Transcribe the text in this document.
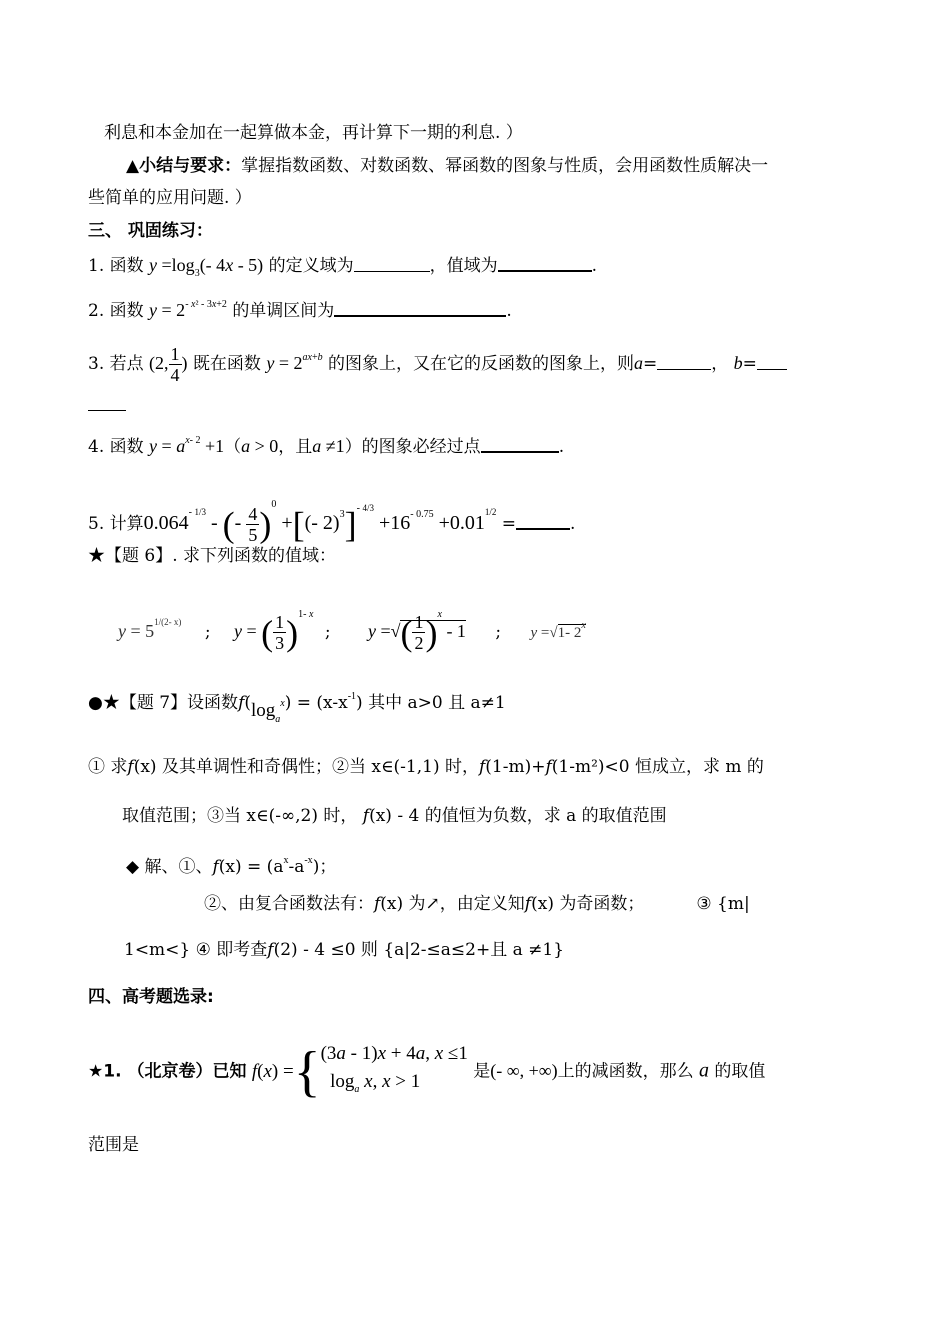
利息和本金加在一起算做本金，再计算下一期的利息. ）
▲小结与要求：掌握指数函数、对数函数、幂函数的图象与性质，会用函数性质解决一
些简单的应用问题. ）
三、 巩固练习：
1. 函数 $y =\log_3(-$ 4x - 5) 的定义域为	，值域为	.
2. 函数 $y = 2^{- x^2 - 3x+2}$ 的单调区间为	.
3. 若点 (2, $\frac{1}{4}$ ) 既在函数 $y = 2^{ax+b}$ 的图象上，又在它的反函数的图象上，则a=	， b=
4. 函数 $y = a^{x- 2} +1(a > 0$，且a ≠1）的图象必经过点	.
5. 计算$0.064^{- 1/3}$ - (- $\frac{4}{5} )^0$ +[(- $2)^3]^{- 4/3} +16^{- 0.75} +0.01^{1/2}$ =	.
★【题 6】. 求下列函数的值域：
$y = 5^{1/(2- x)}$ ; y = ( $\frac{1}{3} )^{1- x}$ ; y =√( $\frac{1}{2} )^x - 1$ ; y =√1- 2$^x$
●★【题 7】设函数$f(\log_a^x) = (x-x^{-1})$ 其中 a>0 且 a≠1
① 求f(x) 及其单调性和奇偶性；②当 x∈(-1,1) 时，f(1-m)+f(1-m²)<0 恒成立，求 m 的
取值范围；③当 x∈(-∞,2) 时， f(x) - 4 的值恒为负数，求 a 的取值范围
◆ 解、①、$f(x) = (a^x-a^{-x})$；
②、由复合函数法有：f(x) 为↗，由定义知f(x) 为奇函数；	③ {m|
1<m<} ④ 即考查f(2) - 4 ≤0 则 {a|2-≤a≤2+且 a ≠1}
四、高考题选录:
★1. （北京卷）已知 f(x) ={(3a - 1)x + 4a, x ≤1
$\log_a x$, x > 1	是(- ∞, +∞)上的减函数，那么 a 的取值
范围是
